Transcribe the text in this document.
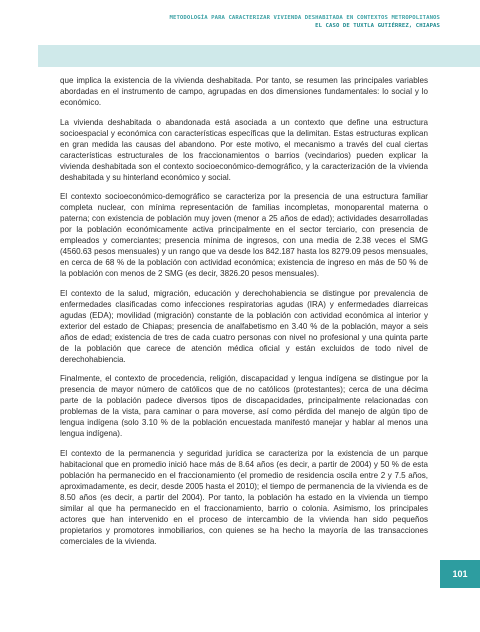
METODOLOGÍA PARA CARACTERIZAR VIVIENDA DESHABITADA EN CONTEXTOS METROPOLITANOS
EL CASO DE TUXTLA GUTIÉRREZ, CHIAPAS

que implica la existencia de la vivienda deshabitada. Por tanto, se resumen las principales variables abordadas en el instrumento de campo, agrupadas en dos dimensiones fundamentales: lo social y lo económico.

La vivienda deshabitada o abandonada está asociada a un contexto que define una estructura socioespacial y económica con características específicas que la delimitan. Estas estructuras explican en gran medida las causas del abandono. Por este motivo, el mecanismo a través del cual ciertas características estructurales de los fraccionamientos o barrios (vecindarios) pueden explicar la vivienda deshabitada son el contexto socioeconómico-demográfico, y la caracterización de la vivienda deshabitada y su hinterland económico y social.

El contexto socioeconómico-demográfico se caracteriza por la presencia de una estructura familiar completa nuclear, con mínima representación de familias incompletas, monoparental materna o paterna; con existencia de población muy joven (menor a 25 años de edad); actividades desarrolladas por la población económicamente activa principalmente en el sector terciario, con presencia de empleados y comerciantes; presencia mínima de ingresos, con una media de 2.38 veces el SMG (4560.63 pesos mensuales) y un rango que va desde los 842.187 hasta los 8279.09 pesos mensuales, en cerca de 68 % de la población con actividad económica; existencia de ingreso en más de 50 % de la población con menos de 2 SMG (es decir, 3826.20 pesos mensuales).

El contexto de la salud, migración, educación y derechohabiencia se distingue por prevalencia de enfermedades clasificadas como infecciones respiratorias agudas (IRA) y enfermedades diarreicas agudas (EDA); movilidad (migración) constante de la población con actividad económica al interior y exterior del estado de Chiapas; presencia de analfabetismo en 3.40 % de la población, mayor a seis años de edad; existencia de tres de cada cuatro personas con nivel no profesional y una quinta parte de la población que carece de atención médica oficial y están excluidos de todo nivel de derechohabiencia.

Finalmente, el contexto de procedencia, religión, discapacidad y lengua indígena se distingue por la presencia de mayor número de católicos que de no católicos (protestantes); cerca de una décima parte de la población padece diversos tipos de discapacidades, principalmente relacionadas con problemas de la vista, para caminar o para moverse, así como pérdida del manejo de algún tipo de lengua indígena (solo 3.10 % de la población encuestada manifestó manejar y hablar al menos una lengua indígena).

El contexto de la permanencia y seguridad jurídica se caracteriza por la existencia de un parque habitacional que en promedio inició hace más de 8.64 años (es decir, a partir de 2004) y 50 % de esta población ha permanecido en el fraccionamiento (el promedio de residencia oscila entre 2 y 7.5 años, aproximadamente, es decir, desde 2005 hasta el 2010); el tiempo de permanencia de la vivienda es de 8.50 años (es decir, a partir del 2004). Por tanto, la población ha estado en la vivienda un tiempo similar al que ha permanecido en el fraccionamiento, barrio o colonia. Asimismo, los principales actores que han intervenido en el proceso de intercambio de la vivienda han sido pequeños propietarios y promotores inmobiliarios, con quienes se ha hecho la mayoría de las transacciones comerciales de la vivienda.

101
